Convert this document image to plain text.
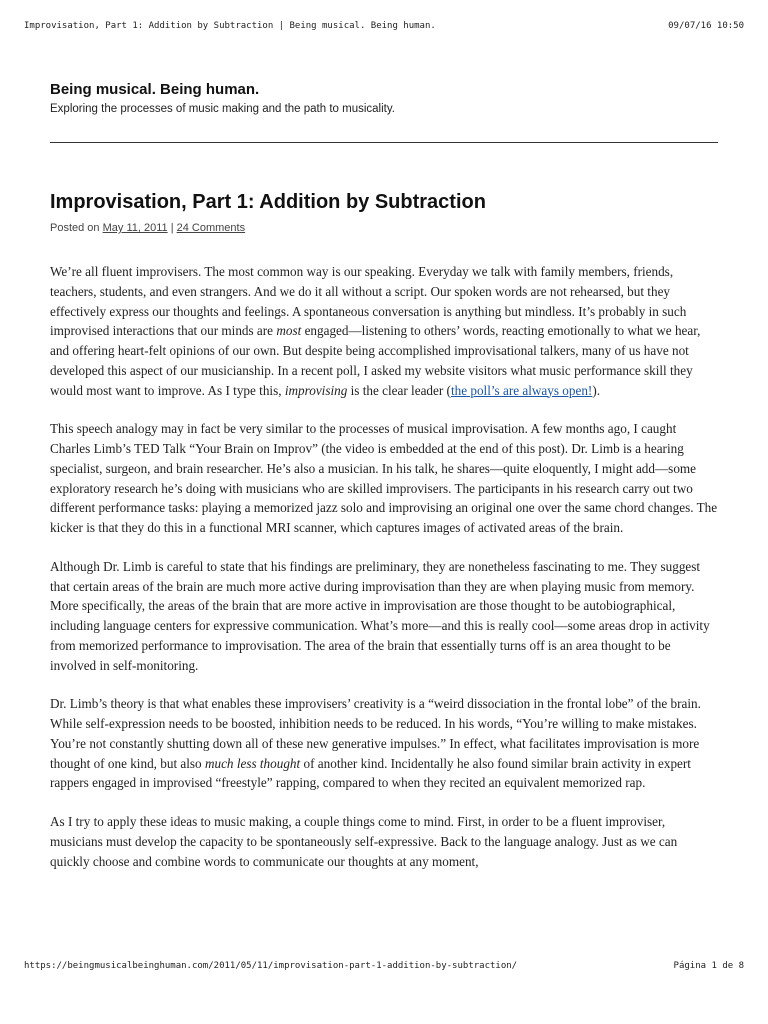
Improvisation, Part 1: Addition by Subtraction | Being musical. Being human.	09/07/16 10:50
Being musical. Being human.

Exploring the processes of music making and the path to musicality.

Improvisation, Part 1: Addition by Subtraction
Posted on May 11, 2011 | 24 Comments

We’re all fluent improvisers. The most common way is our speaking. Everyday we talk with family members, friends, teachers, students, and even strangers. And we do it all without a script. Our spoken words are not rehearsed, but they effectively express our thoughts and feelings. A spontaneous conversation is anything but mindless. It’s probably in such improvised interactions that our minds are most engaged—listening to others’ words, reacting emotionally to what we hear, and offering heart-felt opinions of our own. But despite being accomplished improvisational talkers, many of us have not developed this aspect of our musicianship. In a recent poll, I asked my website visitors what music performance skill they would most want to improve. As I type this, improvising is the clear leader (the poll’s are always open!).

This speech analogy may in fact be very similar to the processes of musical improvisation. A few months ago, I caught Charles Limb’s TED Talk “Your Brain on Improv” (the video is embedded at the end of this post). Dr. Limb is a hearing specialist, surgeon, and brain researcher. He’s also a musician. In his talk, he shares—quite eloquently, I might add—some exploratory research he’s doing with musicians who are skilled improvisers. The participants in his research carry out two different performance tasks: playing a memorized jazz solo and improvising an original one over the same chord changes. The kicker is that they do this in a functional MRI scanner, which captures images of activated areas of the brain.

Although Dr. Limb is careful to state that his findings are preliminary, they are nonetheless fascinating to me. They suggest that certain areas of the brain are much more active during improvisation than they are when playing music from memory. More specifically, the areas of the brain that are more active in improvisation are those thought to be autobiographical, including language centers for expressive communication. What’s more—and this is really cool—some areas drop in activity from memorized performance to improvisation. The area of the brain that essentially turns off is an area thought to be involved in self-monitoring.

Dr. Limb’s theory is that what enables these improvisers’ creativity is a “weird dissociation in the frontal lobe” of the brain. While self-expression needs to be boosted, inhibition needs to be reduced. In his words, “You’re willing to make mistakes. You’re not constantly shutting down all of these new generative impulses.” In effect, what facilitates improvisation is more thought of one kind, but also much less thought of another kind. Incidentally he also found similar brain activity in expert rappers engaged in improvised “freestyle” rapping, compared to when they recited an equivalent memorized rap.

As I try to apply these ideas to music making, a couple things come to mind. First, in order to be a fluent improviser, musicians must develop the capacity to be spontaneously self-expressive. Back to the language analogy. Just as we can quickly choose and combine words to communicate our thoughts at any moment,

https://beingmusicalbeinghuman.com/2011/05/11/improvisation-part-1-addition-by-subtraction/	Página 1 de 8
